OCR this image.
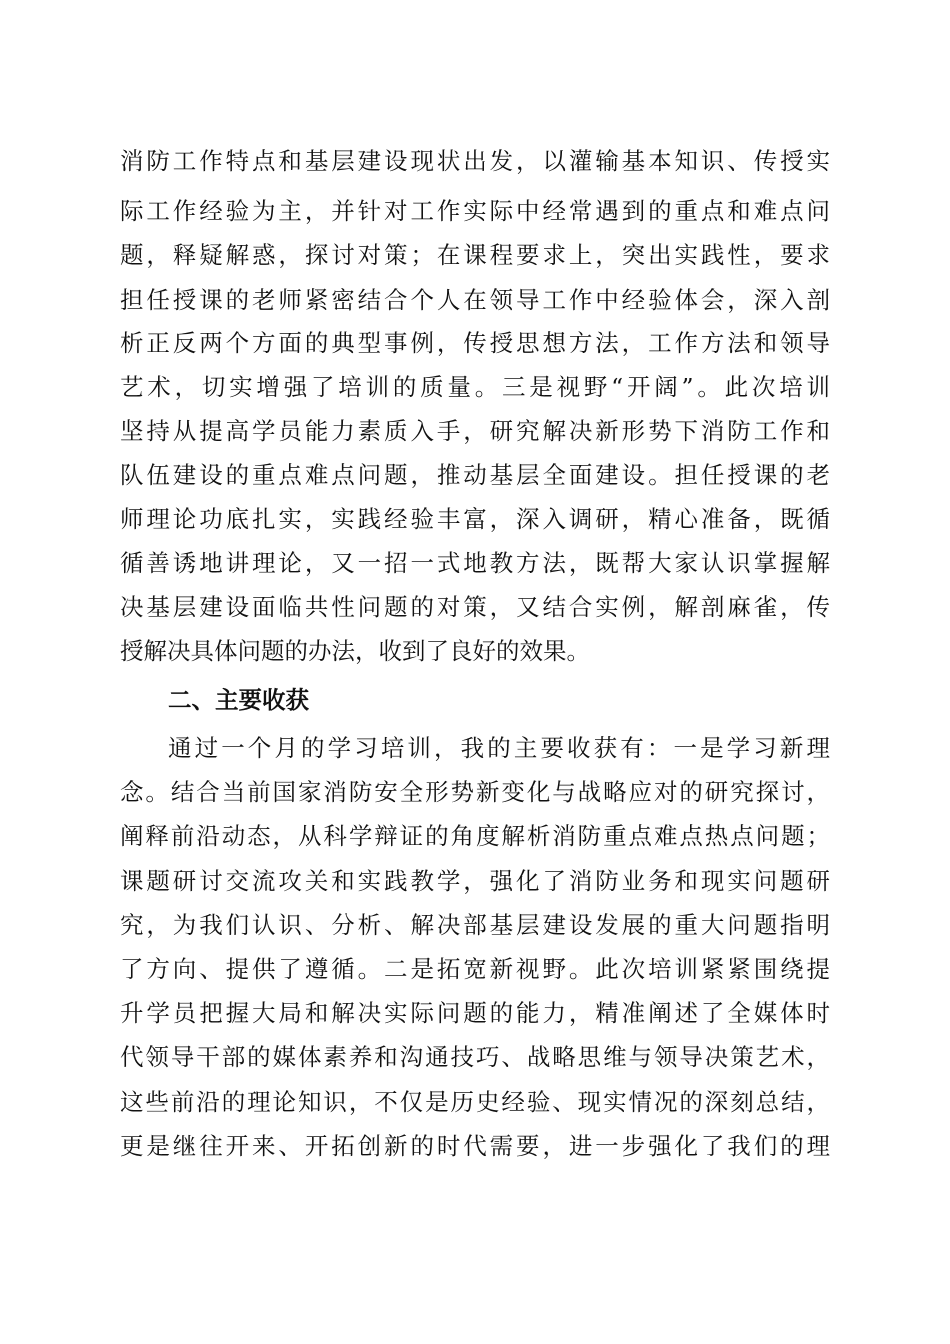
消防工作特点和基层建设现状出发，以灌输基本知识、传授实
际工作经验为主，并针对工作实际中经常遇到的重点和难点问
题，释疑解惑，探讨对策；在课程要求上，突出实践性，要求
担任授课的老师紧密结合个人在领导工作中经验体会，深入剖
析正反两个方面的典型事例，传授思想方法，工作方法和领导
艺术，切实增强了培训的质量。三是视野“开阔”。此次培训
坚持从提高学员能力素质入手，研究解决新形势下消防工作和
队伍建设的重点难点问题，推动基层全面建设。担任授课的老
师理论功底扎实，实践经验丰富，深入调研，精心准备，既循
循善诱地讲理论，又一招一式地教方法，既帮大家认识掌握解
决基层建设面临共性问题的对策，又结合实例，解剖麻雀，传
授解决具体问题的办法，收到了良好的效果。
二、主要收获
通过一个月的学习培训，我的主要收获有：一是学习新理
念。结合当前国家消防安全形势新变化与战略应对的研究探讨，
阐释前沿动态，从科学辩证的角度解析消防重点难点热点问题；
课题研讨交流攻关和实践教学，强化了消防业务和现实问题研
究，为我们认识、分析、解决部基层建设发展的重大问题指明
了方向、提供了遵循。二是拓宽新视野。此次培训紧紧围绕提
升学员把握大局和解决实际问题的能力，精准阐述了全媒体时
代领导干部的媒体素养和沟通技巧、战略思维与领导决策艺术，
这些前沿的理论知识，不仅是历史经验、现实情况的深刻总结，
更是继往开来、开拓创新的时代需要，进一步强化了我们的理
